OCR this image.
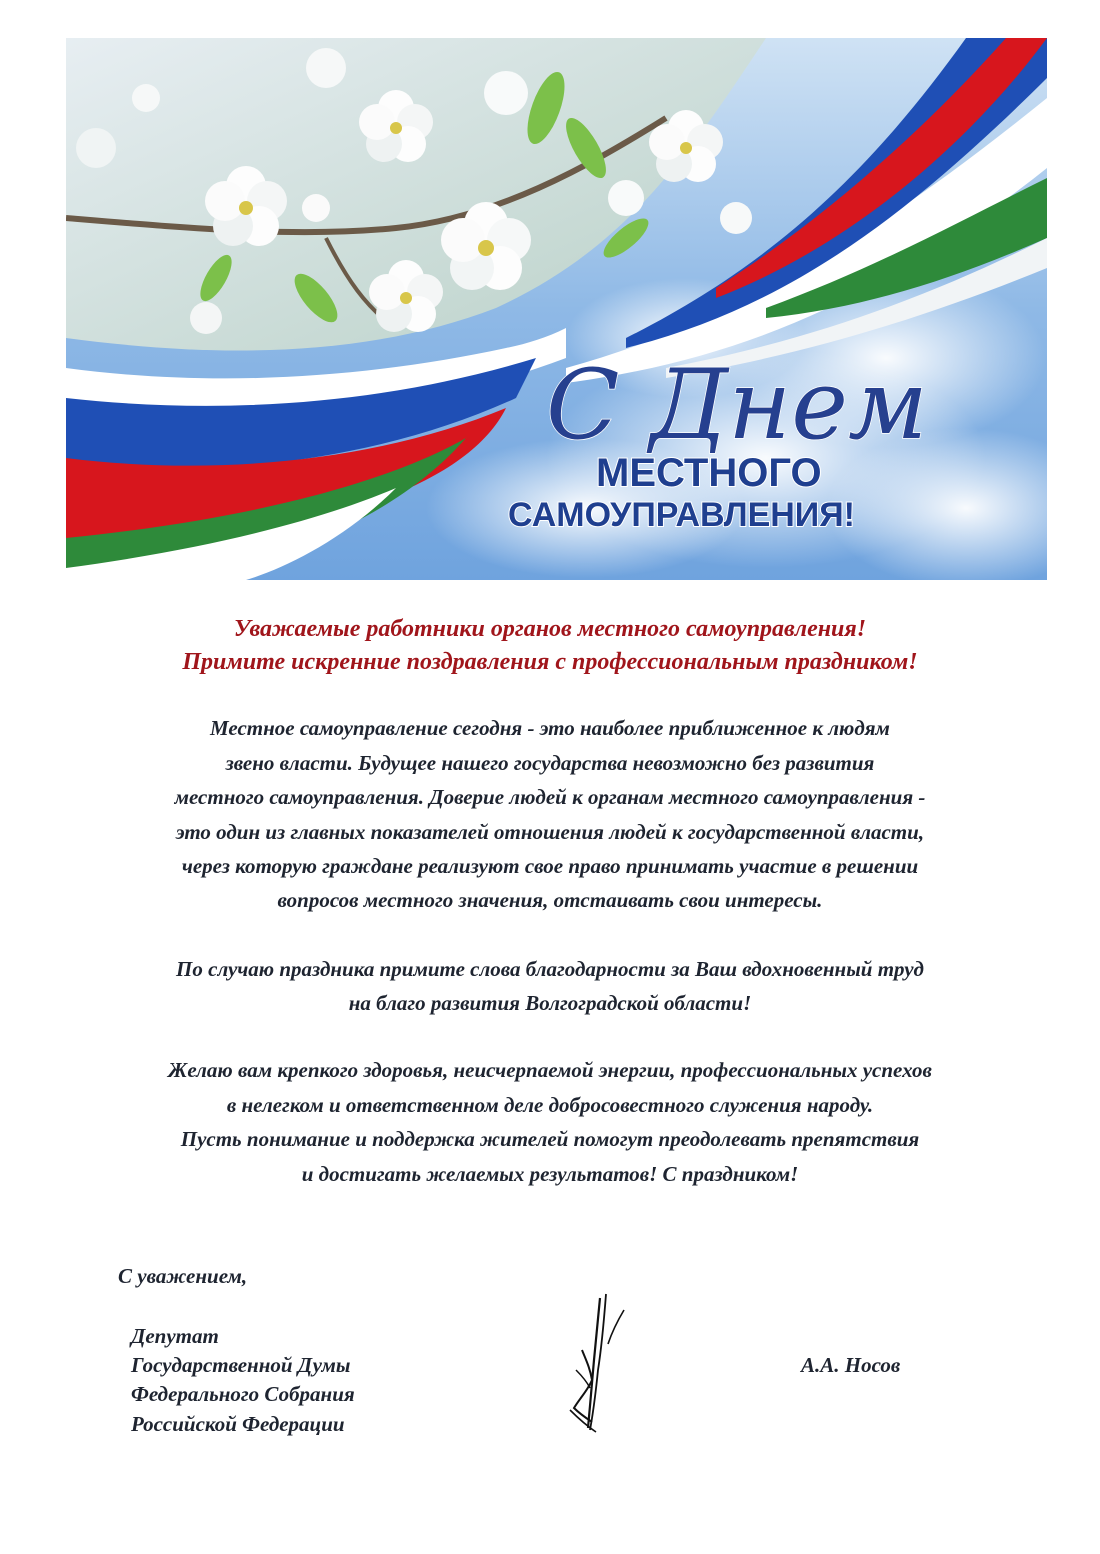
С Днем
МЕСТНОГО
САМОУПРАВЛЕНИЯ!
Уважаемые работники органов местного самоуправления!
Примите искренние поздравления с профессиональным праздником!
Местное самоуправление сегодня - это наиболее приближенное к людям
звено власти. Будущее нашего государства невозможно без развития
местного самоуправления. Доверие людей к органам местного самоуправления -
это один из главных показателей отношения людей к государственной власти,
через которую граждане реализуют свое право принимать участие в решении
вопросов местного значения, отстаивать свои интересы.
По случаю праздника примите слова благодарности за Ваш вдохновенный труд
на благо развития Волгоградской области!
Желаю вам крепкого здоровья, неисчерпаемой энергии, профессиональных успехов
в нелегком и ответственном деле добросовестного служения народу.
Пусть понимание и поддержка жителей помогут преодолевать препятствия
и достигать желаемых результатов! С праздником!
С уважением,
Депутат
Государственной Думы
Федерального Собрания
Российской Федерации
А.А. Носов
